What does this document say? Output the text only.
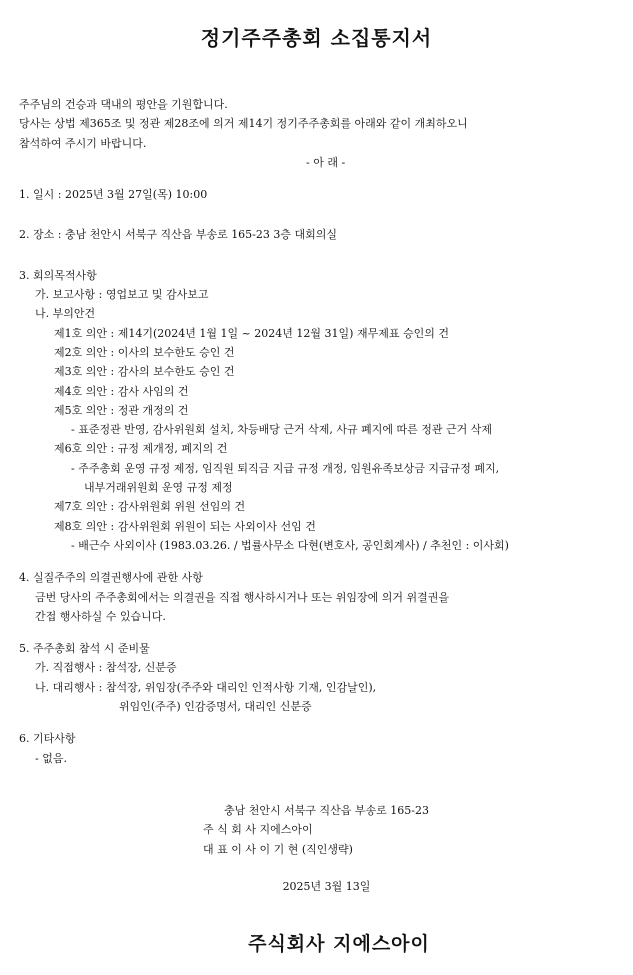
정기주주총회 소집통지서
주주님의 건승과 댁내의 평안을 기원합니다.
당사는 상법 제365조 및 정관 제28조에 의거 제14기 정기주주총회를 아래와 같이 개최하오니
참석하여 주시기 바랍니다.
- 아 래 -
1. 일시 : 2025년 3월 27일(목) 10:00
2. 장소 : 충남 천안시 서북구 직산읍 부송로 165-23 3층 대회의실
3. 회의목적사항
가. 보고사항 : 영업보고 및 감사보고
나. 부의안건
제1호 의안 : 제14기(2024년 1월 1일 ~ 2024년 12월 31일) 재무제표 승인의 건
제2호 의안 : 이사의 보수한도 승인 건
제3호 의안 : 감사의 보수한도 승인 건
제4호 의안 : 감사 사임의 건
제5호 의안 : 정관 개정의 건
- 표준정관 반영, 감사위원회 설치, 차등배당 근거 삭제, 사규 폐지에 따른 정관 근거 삭제
제6호 의안 : 규정 제개정, 폐지의 건
- 주주총회 운영 규정 제정, 임직원 퇴직금 지급 규정 개정, 임원유족보상금 지급규정 폐지,
내부거래위원회 운영 규정 제정
제7호 의안 : 감사위원회 위원 선임의 건
제8호 의안 : 감사위원회 위원이 되는 사외이사 선임 건
- 배근수 사외이사 (1983.03.26. / 법률사무소 다현(변호사, 공인회계사) / 추천인 : 이사회)
4. 실질주주의 의결권행사에 관한 사항
금번 당사의 주주총회에서는 의결권을 직접 행사하시거나 또는 위임장에 의거 위결권을
간접 행사하실 수 있습니다.
5. 주주총회 참석 시 준비물
가. 직접행사 : 참석장, 신분증
나. 대리행사 : 참석장, 위임장(주주와 대리인 인적사항 기재, 인감날인),
위임인(주주) 인감증명서, 대리인 신분증
6. 기타사항
- 없음.
충남 천안시 서북구 직산읍 부송로 165-23
주 식 회 사 지에스아이
대 표 이 사 이 기 현 (직인생략)
2025년 3월 13일
주식회사 지에스아이
